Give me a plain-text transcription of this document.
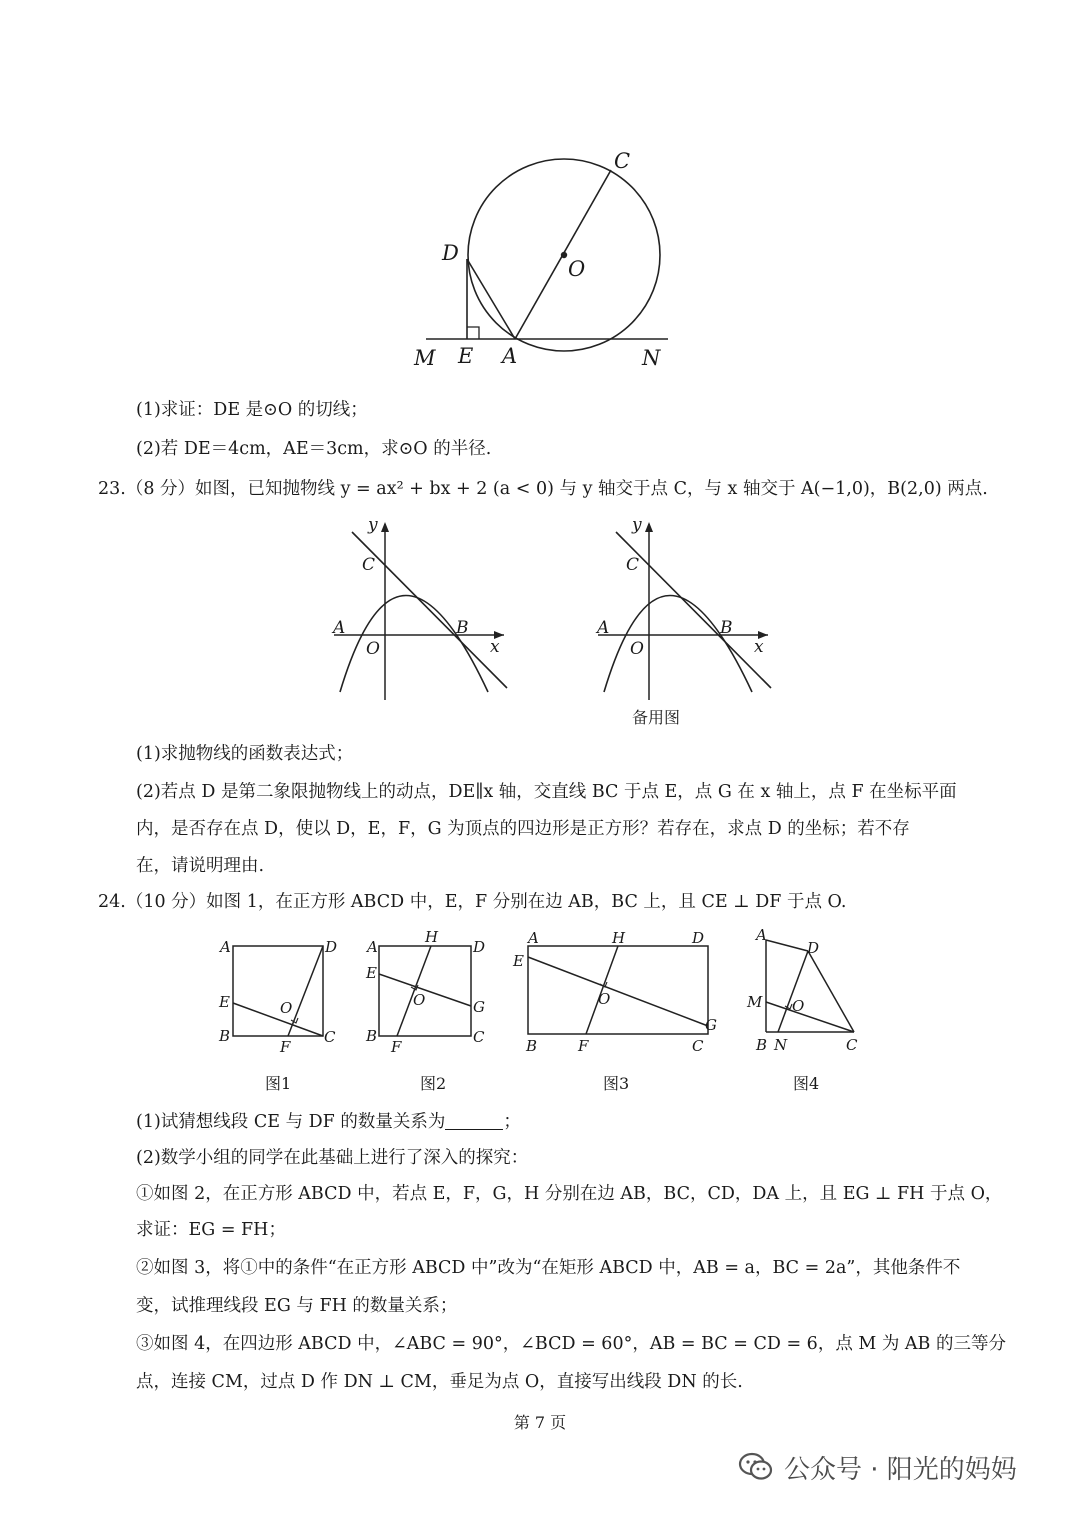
C
D
O
M E A	N
(1)求证：DE 是⊙O 的切线；
(2)若 DE＝4cm，AE＝3cm，求⊙O 的半径.
23.（8 分）如图，已知抛物线 y = ax² + bx + 2 (a < 0) 与 y 轴交于点 C，与 x 轴交于 A(−1,0)，B(2,0) 两点.
y
x
C
A
O
B
y
x
C
A
O
B
备用图
(1)求抛物线的函数表达式；
(2)若点 D 是第二象限抛物线上的动点，DE∥x 轴，交直线 BC 于点 E，点 G 在 x 轴上，点 F 在坐标平面
内，是否存在点 D，使以 D，E，F，G 为顶点的四边形是正方形？若存在，求点 D 的坐标；若不存
在，请说明理由.
24.（10 分）如图 1，在正方形 ABCD 中，E，F 分别在边 AB，BC 上，且 CE ⊥ DF 于点 O.
A	D
E	O
B
F
C
图1
A
H
D
E
O	G
B
F
C
图2
A	H	D
E
O
G
B	F	C
图3
A
D
M O
B N	C
图4
(1)试猜想线段 CE 与 DF 的数量关系为	；
(2)数学小组的同学在此基础上进行了深入的探究：
①如图 2，在正方形 ABCD 中，若点 E，F，G，H 分别在边 AB，BC，CD，DA 上，且 EG ⊥ FH 于点 O，
求证：EG = FH；
②如图 3，将①中的条件“在正方形 ABCD 中”改为“在矩形 ABCD 中，AB = a，BC = 2a”，其他条件不
变，试推理线段 EG 与 FH 的数量关系；
③如图 4，在四边形 ABCD 中，∠ABC = 90°，∠BCD = 60°，AB = BC = CD = 6，点 M 为 AB 的三等分
点，连接 CM，过点 D 作 DN ⊥ CM，垂足为点 O，直接写出线段 DN 的长.
第 7 页
公众号 · 阳光的妈妈
